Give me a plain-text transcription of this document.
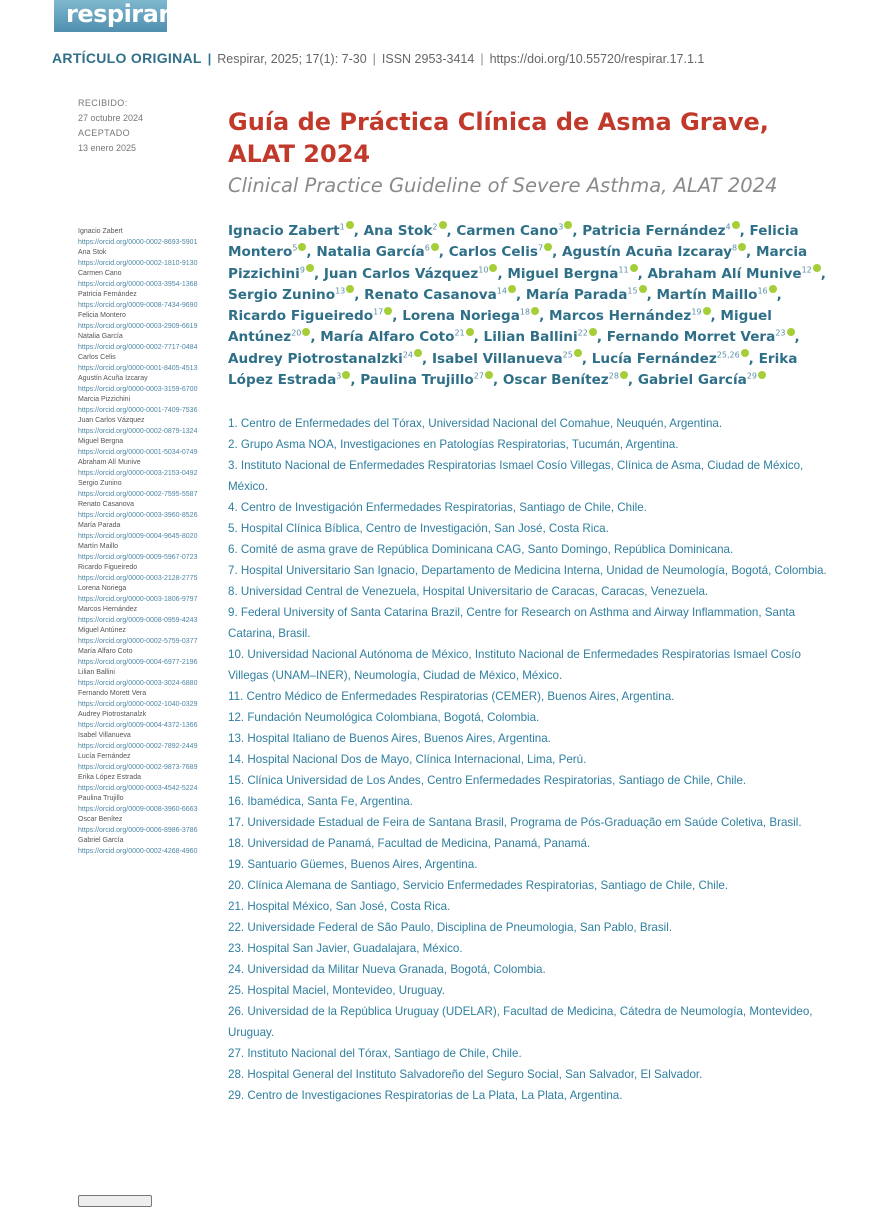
respirar
ARTÍCULO ORIGINAL | Respirar, 2025; 17(1): 7-30 | ISSN 2953-3414 | https://doi.org/10.55720/respirar.17.1.1
RECIBIDO:
27 octubre 2024
ACEPTADO
13 enero 2025
Guía de Práctica Clínica de Asma Grave, ALAT 2024
Clinical Practice Guideline of Severe Asthma, ALAT 2024
Ignacio Zabert$^1$ , Ana Stok$^2$ , Carmen Cano$^3$ , Patricia Fernández$^4$ , Felicia Montero$^5$ , Natalia García$^6$ , Carlos Celis$^7$ , Agustín Acuña Izcaray$^8$ , Marcia Pizzichini$^9$ , Juan Carlos Vázquez$^{10}$ , Miguel Bergna$^{11}$ , Abraham Alí Munive$^{12}$ , Sergio Zunino$^{13}$ , Renato Casanova$^{14}$ , María Parada$^{15}$ , Martín Maillo$^{16}$ , Ricardo Figueiredo$^{17}$ , Lorena Noriega$^{18}$ , Marcos Hernández$^{19}$ , Miguel Antúnez$^{20}$ , María Alfaro Coto$^{21}$ , Lilian Ballini$^{22}$ , Fernando Morret Vera$^{23}$ , Audrey Piotrostanalzki$^{24}$ , Isabel Villanueva$^{25}$ , Lucía Fernández$^{25,26}$ , Erika López Estrada$^3$ , Paulina Trujillo$^{27}$ , Oscar Benítez$^{28}$ , Gabriel García$^{29}$

1. Centro de Enfermedades del Tórax, Universidad Nacional del Comahue, Neuquén, Argentina.

2. Grupo Asma NOA, Investigaciones en Patologías Respiratorias, Tucumán, Argentina.

3. Instituto Nacional de Enfermedades Respiratorias Ismael Cosío Villegas, Clínica de Asma, Ciudad de México, México.

4. Centro de Investigación Enfermedades Respiratorias, Santiago de Chile, Chile.

5. Hospital Clínica Bíblica, Centro de Investigación, San José, Costa Rica.

6. Comité de asma grave de República Dominicana CAG, Santo Domingo, República Dominicana.

7. Hospital Universitario San Ignacio, Departamento de Medicina Interna, Unidad de Neumología, Bogotá, Colombia.

8. Universidad Central de Venezuela, Hospital Universitario de Caracas, Caracas, Venezuela.

9. Federal University of Santa Catarina Brazil, Centre for Research on Asthma and Airway Inflammation, Santa Catarina, Brasil.

10. Universidad Nacional Autónoma de México, Instituto Nacional de Enfermedades Respiratorias Ismael Cosío Villegas (UNAM–INER), Neumología, Ciudad de México, México.

11. Centro Médico de Enfermedades Respiratorias (CEMER), Buenos Aires, Argentina.

12. Fundación Neumológica Colombiana, Bogotá, Colombia.

13. Hospital Italiano de Buenos Aires, Buenos Aires, Argentina.

14. Hospital Nacional Dos de Mayo, Clínica Internacional, Lima, Perú.

15. Clínica Universidad de Los Andes, Centro Enfermedades Respiratorias, Santiago de Chile, Chile.

16. Ibamédica, Santa Fe, Argentina.

17. Universidade Estadual de Feira de Santana Brasil, Programa de Pós-Graduação em Saúde Coletiva, Brasil.

18. Universidad de Panamá, Facultad de Medicina, Panamá, Panamá.

19. Santuario Güemes, Buenos Aires, Argentina.

20. Clínica Alemana de Santiago, Servicio Enfermedades Respiratorias, Santiago de Chile, Chile.

21. Hospital México, San José, Costa Rica.

22. Universidade Federal de São Paulo, Disciplina de Pneumologia, San Pablo, Brasil.

23. Hospital San Javier, Guadalajara, México.

24. Universidad da Militar Nueva Granada, Bogotá, Colombia.

25. Hospital Maciel, Montevideo, Uruguay.

26. Universidad de la República Uruguay (UDELAR), Facultad de Medicina, Cátedra de Neumología, Montevideo, Uruguay.

27. Instituto Nacional del Tórax, Santiago de Chile, Chile.

28. Hospital General del Instituto Salvadoreño del Seguro Social, San Salvador, El Salvador.

29. Centro de Investigaciones Respiratorias de La Plata, La Plata, Argentina.

Ignacio Zabert
https://orcid.org/0000-0002-8693-5901
Ana Stok
https://orcid.org/0000-0002-1810-9130
Carmen Cano
https://orcid.org/0000-0003-3954-1368
Patricia Fernández
https://orcid.org/0009-0008-7434-9690
Felicia Montero
https://orcid.org/0000-0003-2909-6619
Natalia García
https://orcid.org/0000-0002-7717-0484
Carlos Celis
https://orcid.org/0000-0001-8405-4513
Agustín Acuña Izcaray
https://orcid.org/0000-0003-3159-6700
Marcia Pizzichini
https://orcid.org/0000-0001-7409-7536
Juan Carlos Vázquez
https://orcid.org/0000-0002-0879-1324
Miguel Bergna
https://orcid.org/0000-0001-5034-0749
Abraham Alí Munive
https://orcid.org/0000-0003-2153-0492
Sergio Zunino
https://orcid.org/0000-0002-7595-5587
Renato Casanova
https://orcid.org/0000-0003-3960-8526
María Parada
https://orcid.org/0009-0004-9645-8020
Martín Maillo
https://orcid.org/0009-0009-5967-0723
Ricardo Figueiredo
https://orcid.org/0000-0003-2128-2775
Lorena Noriega
https://orcid.org/0000-0003-1806-9797
Marcos Hernández
https://orcid.org/0009-0008-0959-4243
Miguel Antúnez
https://orcid.org/0000-0002-5759-0377
María Alfaro Coto
https://orcid.org/0009-0004-6977-2196
Lilian Ballini
https://orcid.org/0000-0003-3024-6880
Fernando Morett Vera
https://orcid.org/0000-0002-1040-0329
Audrey Piotrostanalzk
https://orcid.org/0009-0004-4372-1366
Isabel Villanueva
https://orcid.org/0000-0002-7892-2449
Lucía Fernández
https://orcid.org/0000-0002-9873-7689
Erika López Estrada
https://orcid.org/0000-0003-4542-5224
Paulina Trujillo
https://orcid.org/0009-0008-3960-6663
Oscar Benítez
https://orcid.org/0009-0006-8986-3786
Gabriel García
https://orcid.org/0000-0002-4268-4960
